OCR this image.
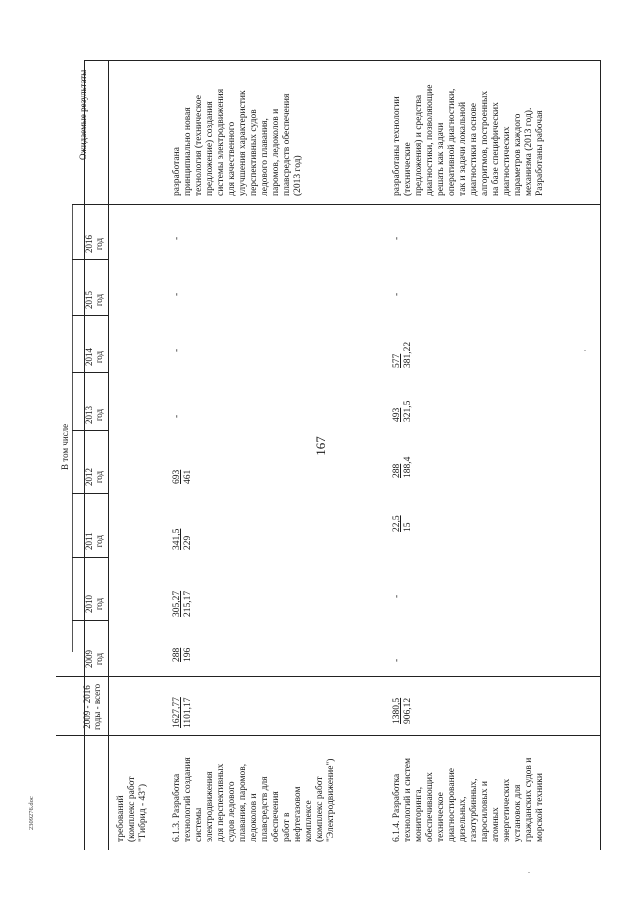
167
Ожидаемые результаты
В том числе
2009 - 2016 годы - всего
2016 год
2015 год
2014 год
2013 год
2012 год
2011 год
2010 год
2009 год
требований (комплекс работ "Гибрид - 43")	6.1.3. Разработка технологий создания системы электродвижения для перспективных судов ледового плавания, паромов, ледоколов и плавсредств для обеспечения работ в нефтегазовом комплексе (комплекс работ "Электродвижение")
1627,77 1101,17
288 196
305,27 215,17
341,5 229
693 461
-
-
-
-
разработана принципиально новая технология (техническое предложение) создания системы электродвижения для качественного улучшения характеристик перспективных судов ледового плавания, паромов, ледоколов и плавсредств обеспечения (2013 год)
6.1.4. Разработка технологий и систем мониторинга, обеспечивающих техническое диагностирование дизельных, газотурбинных, паросиловых и атомных энергетических установок для гражданских судов и морской техники
1380,5 906,12
-
-
22,5 15
288 188,4
493 321,5
577 381,22
-
-
разработаны технологии (технические предложения) и средства диагностики, позволяющие решать как задачи оперативной диагностики, так и задачи локальной диагностики на основе алгоритмов, построенных на базе специфических диагностических параметров каждого механизма (2013 год). Разработаны рабочая
2309276.doc
